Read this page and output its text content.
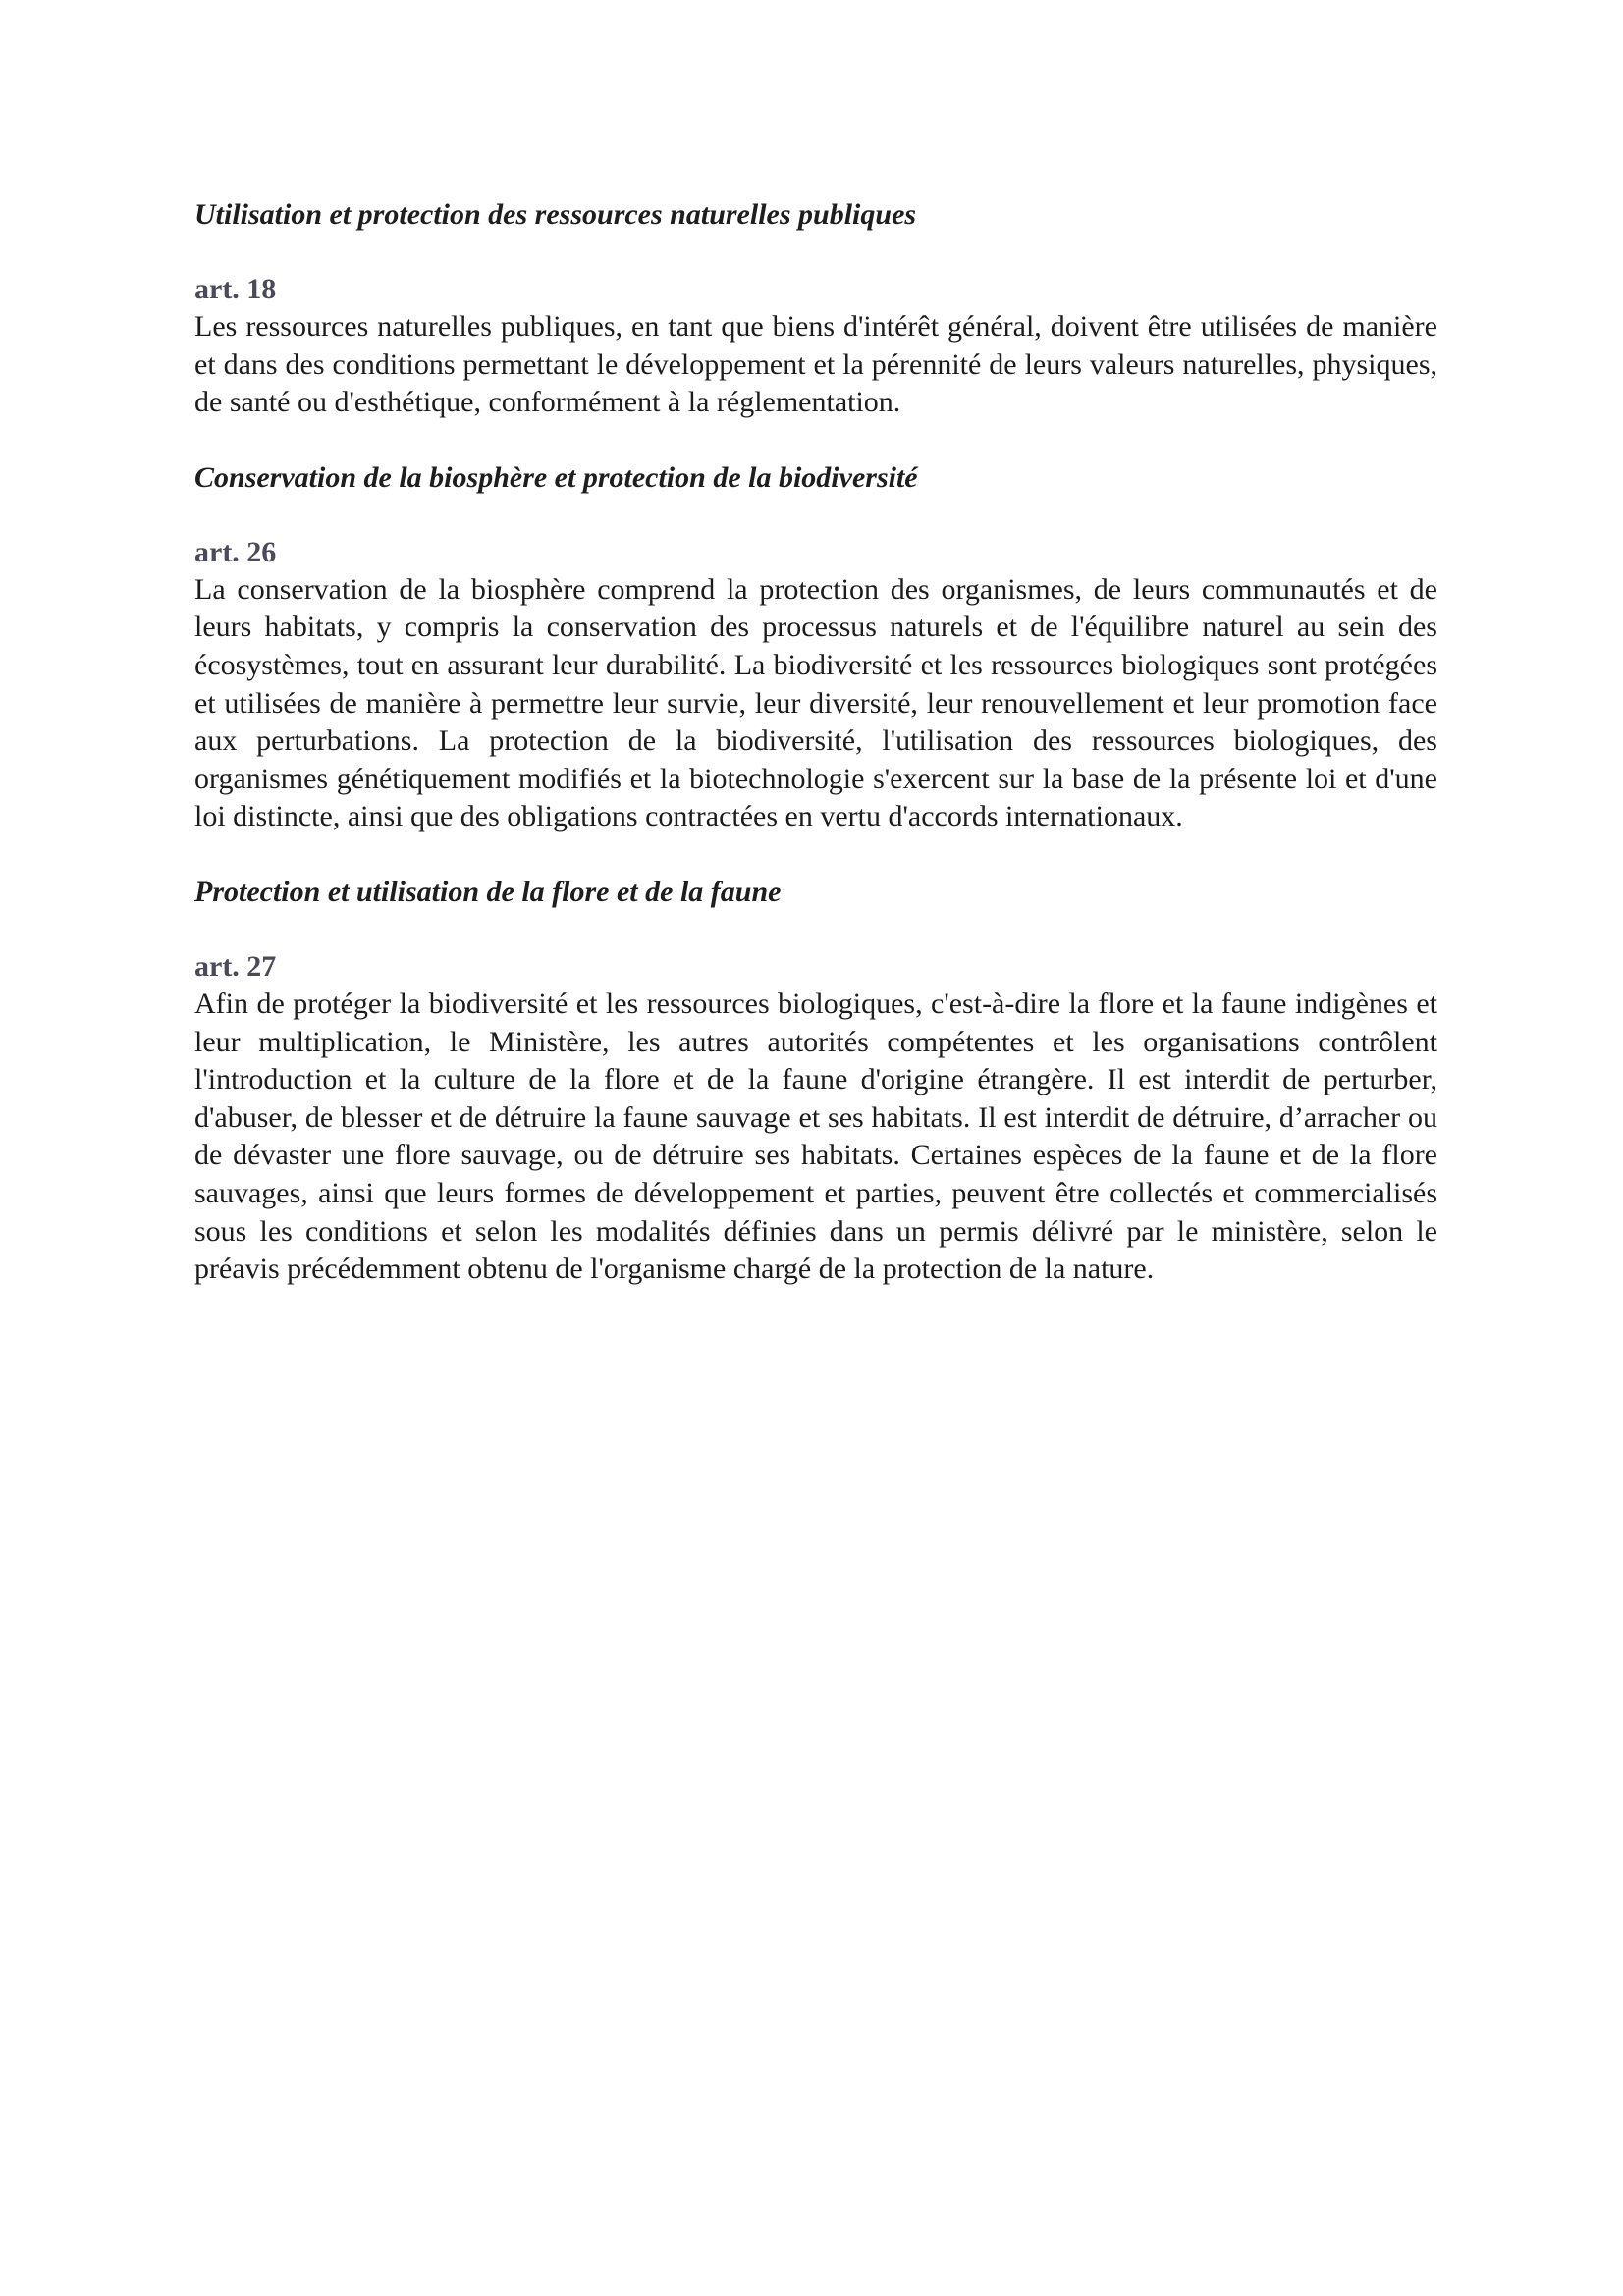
Utilisation et protection des ressources naturelles publiques

art. 18

Les ressources naturelles publiques, en tant que biens d'intérêt général, doivent être utilisées de manière et dans des conditions permettant le développement et la pérennité de leurs valeurs naturelles, physiques, de santé ou d'esthétique, conformément à la réglementation.

Conservation de la biosphère et protection de la biodiversité

art. 26

La conservation de la biosphère comprend la protection des organismes, de leurs communautés et de leurs habitats, y compris la conservation des processus naturels et de l'équilibre naturel au sein des écosystèmes, tout en assurant leur durabilité. La biodiversité et les ressources biologiques sont protégées et utilisées de manière à permettre leur survie, leur diversité, leur renouvellement et leur promotion face aux perturbations. La protection de la biodiversité, l'utilisation des ressources biologiques, des organismes génétiquement modifiés et la biotechnologie s'exercent sur la base de la présente loi et d'une loi distincte, ainsi que des obligations contractées en vertu d'accords internationaux.

Protection et utilisation de la flore et de la faune

art. 27

Afin de protéger la biodiversité et les ressources biologiques, c'est-à-dire la flore et la faune indigènes et leur multiplication, le Ministère, les autres autorités compétentes et les organisations contrôlent l'introduction et la culture de la flore et de la faune d'origine étrangère. Il est interdit de perturber, d'abuser, de blesser et de détruire la faune sauvage et ses habitats. Il est interdit de détruire, d’arracher ou de dévaster une flore sauvage, ou de détruire ses habitats. Certaines espèces de la faune et de la flore sauvages, ainsi que leurs formes de développement et parties, peuvent être collectés et commercialisés sous les conditions et selon les modalités définies dans un permis délivré par le ministère, selon le préavis précédemment obtenu de l'organisme chargé de la protection de la nature.
